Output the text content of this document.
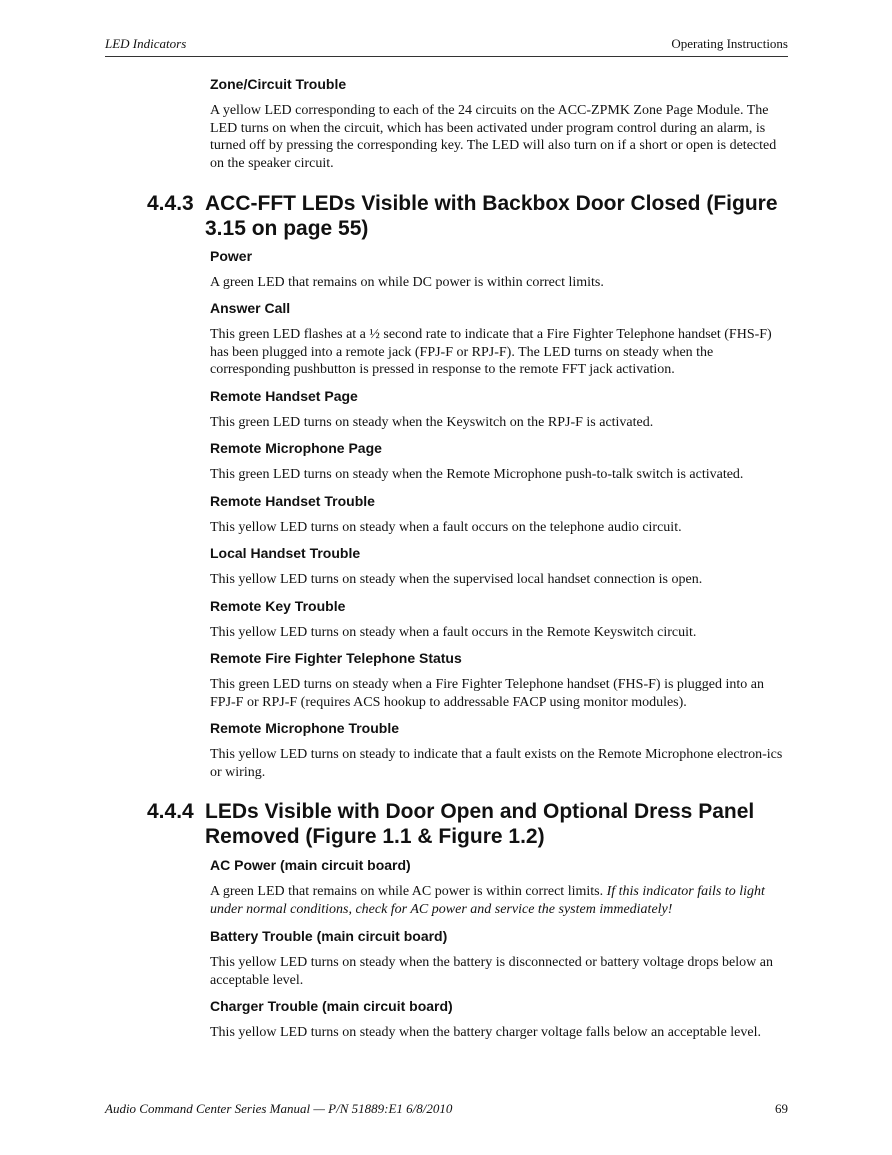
LED Indicators	Operating Instructions
Zone/Circuit Trouble
A yellow LED corresponding to each of the 24 circuits on the ACC-ZPMK Zone Page Module. The LED turns on when the circuit, which has been activated under program control during an alarm, is turned off by pressing the corresponding key. The LED will also turn on if a short or open is detected on the speaker circuit.
4.4.3 ACC-FFT LEDs Visible with Backbox Door Closed (Figure 3.15 on page 55)
Power
A green LED that remains on while DC power is within correct limits.
Answer Call
This green LED flashes at a ½ second rate to indicate that a Fire Fighter Telephone handset (FHS-F) has been plugged into a remote jack (FPJ-F or RPJ-F). The LED turns on steady when the corresponding pushbutton is pressed in response to the remote FFT jack activation.
Remote Handset Page
This green LED turns on steady when the Keyswitch on the RPJ-F is activated.
Remote Microphone Page
This green LED turns on steady when the Remote Microphone push-to-talk switch is activated.
Remote Handset Trouble
This yellow LED turns on steady when a fault occurs on the telephone audio circuit.
Local Handset Trouble
This yellow LED turns on steady when the supervised local handset connection is open.
Remote Key Trouble
This yellow LED turns on steady when a fault occurs in the Remote Keyswitch circuit.
Remote Fire Fighter Telephone Status
This green LED turns on steady when a Fire Fighter Telephone handset (FHS-F) is plugged into an FPJ-F or RPJ-F (requires ACS hookup to addressable FACP using monitor modules).
Remote Microphone Trouble
This yellow LED turns on steady to indicate that a fault exists on the Remote Microphone electron-ics or wiring.
4.4.4 LEDs Visible with Door Open and Optional Dress Panel Removed (Figure 1.1 & Figure 1.2)
AC Power (main circuit board)
A green LED that remains on while AC power is within correct limits. If this indicator fails to light under normal conditions, check for AC power and service the system immediately!
Battery Trouble (main circuit board)
This yellow LED turns on steady when the battery is disconnected or battery voltage drops below an acceptable level.
Charger Trouble (main circuit board)
This yellow LED turns on steady when the battery charger voltage falls below an acceptable level.
Audio Command Center Series Manual — P/N 51889:E1 6/8/2010	69
